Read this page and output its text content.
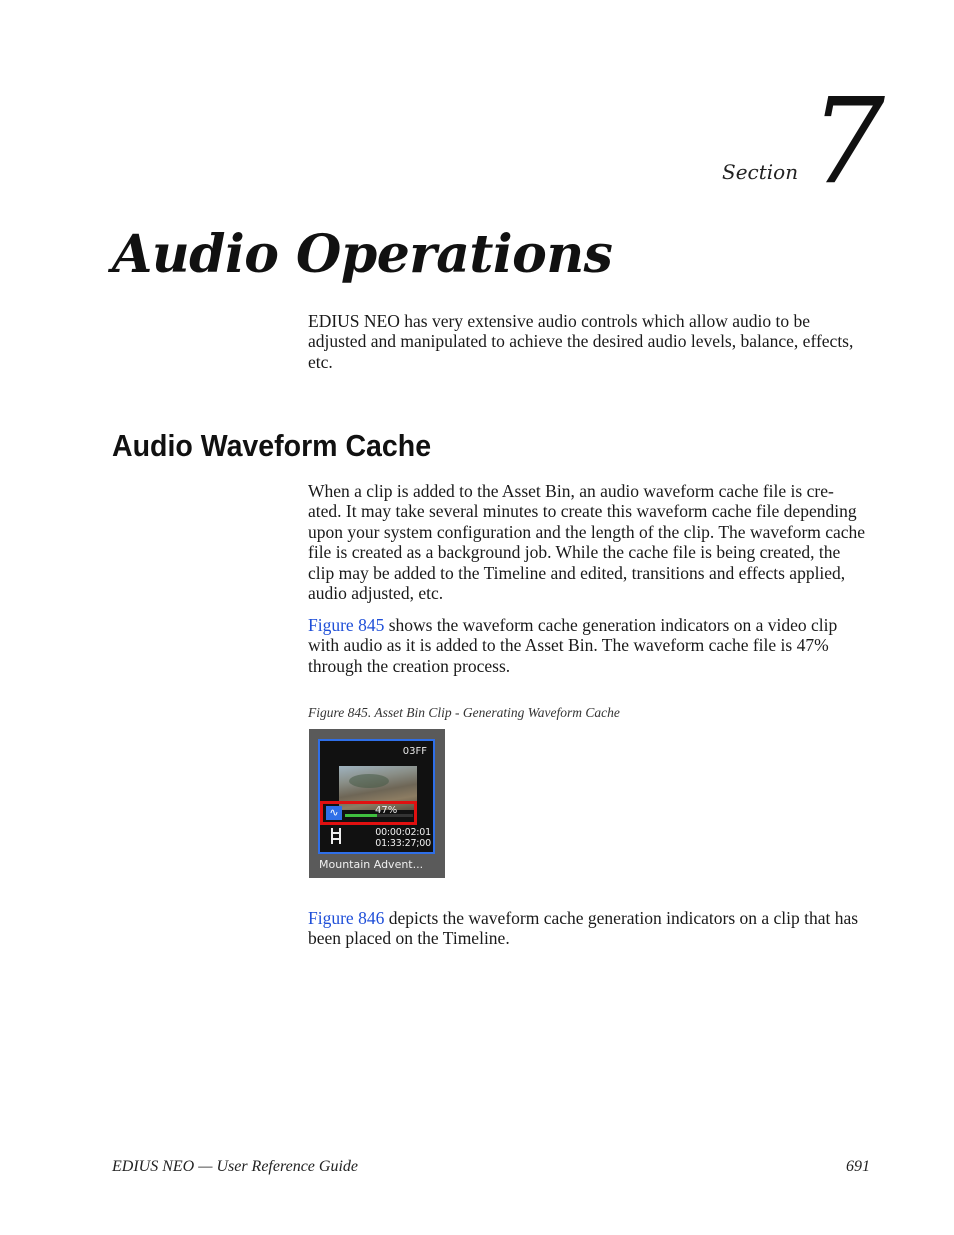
Section 7
Audio Operations

EDIUS NEO has very extensive audio controls which allow audio to be adjusted and manipulated to achieve the desired audio levels, balance, effects, etc.

Audio Waveform Cache

When a clip is added to the Asset Bin, an audio waveform cache file is cre- ated. It may take several minutes to create this waveform cache file depending upon your system configuration and the length of the clip. The waveform cache file is created as a background job. While the cache file is being created, the clip may be added to the Timeline and edited, transitions and effects applied, audio adjusted, etc.

Figure 845 shows the waveform cache generation indicators on a video clip with audio as it is added to the Asset Bin. The waveform cache file is 47% through the creation process.

Figure 845. Asset Bin Clip - Generating Waveform Cache
03FF
∿	47%
00:00:02:01
01:33:27;00
Mountain Advent...

Figure 846 depicts the waveform cache generation indicators on a clip that has been placed on the Timeline.

EDIUS NEO — User Reference Guide	691
